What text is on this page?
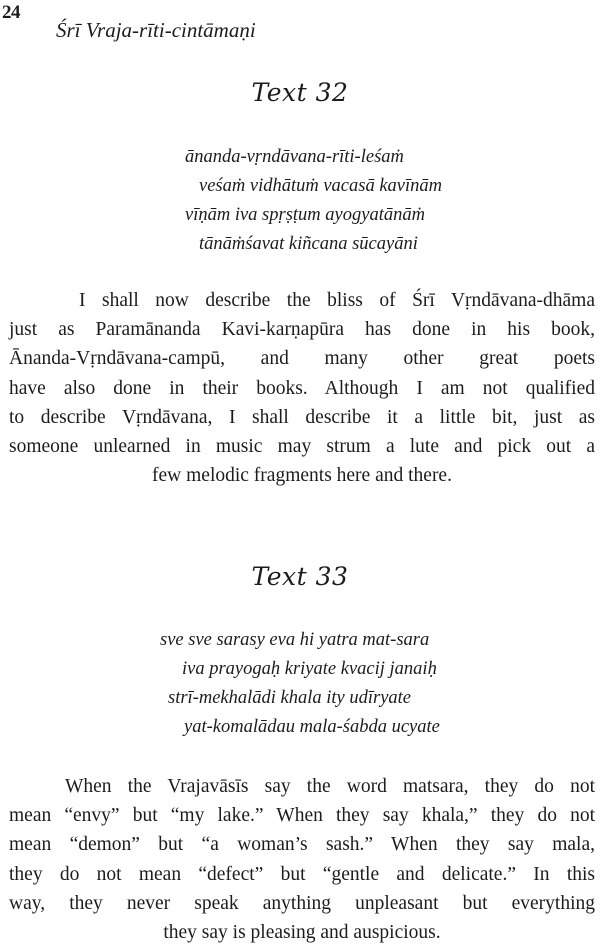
24
Śrī Vraja-rīti-cintāmaṇi
Text 32
ānanda-vṛndāvana-rīti-leśaṁ
veśaṁ vidhātuṁ vacasā kavīnām
vīṇām iva spṛṣṭum ayogyatānāṁ
tānāṁśavat kiñcana sūcayāni
I shall now describe the bliss of Śrī Vṛndāvana-dhāma
just as Paramānanda Kavi-karṇapūra has done in his book,
Ānanda-Vṛndāvana-campū, and many other great poets
have also done in their books. Although I am not qualified
to describe Vṛndāvana, I shall describe it a little bit, just as
someone unlearned in music may strum a lute and pick out a
few melodic fragments here and there.
Text 33
sve sve sarasy eva hi yatra mat-sara
iva prayogaḥ kriyate kvacij janaiḥ
strī-mekhalādi khala ity udīryate
yat-komalādau mala-śabda ucyate
When the Vrajavāsīs say the word matsara, they do not
mean “envy” but “my lake.” When they say khala,” they do not
mean “demon” but “a woman’s sash.” When they say mala,
they do not mean “defect” but “gentle and delicate.” In this
way, they never speak anything unpleasant but everything
they say is pleasing and auspicious.
